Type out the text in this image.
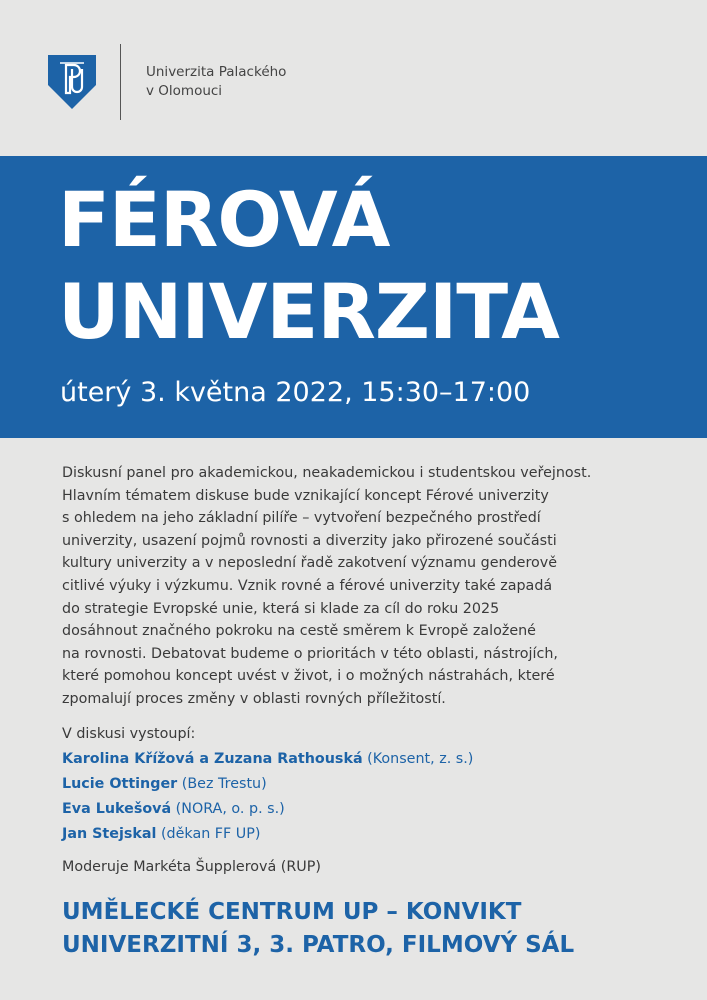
Univerzita Palackého
v Olomouci
FÉROVÁ
UNIVERZITA
úterý 3. května 2022, 15:30–17:00
Diskusní panel pro akademickou, neakademickou i studentskou veřejnost.
Hlavním tématem diskuse bude vznikající koncept Férové univerzity
s ohledem na jeho základní pilíře – vytvoření bezpečného prostředí
univerzity, usazení pojmů rovnosti a diverzity jako přirozené součásti
kultury univerzity a v neposlední řadě zakotvení významu genderově
citlivé výuky i výzkumu. Vznik rovné a férové univerzity také zapadá
do strategie Evropské unie, která si klade za cíl do roku 2025
dosáhnout značného pokroku na cestě směrem k Evropě založené
na rovnosti. Debatovat budeme o prioritách v této oblasti, nástrojích,
které pomohou koncept uvést v život, i o možných nástrahách, které
zpomalují proces změny v oblasti rovných příležitostí.
V diskusi vystoupí:
Karolina Křížová a Zuzana Rathouská (Konsent, z. s.)
Lucie Ottinger (Bez Trestu)
Eva Lukešová (NORA, o. p. s.)
Jan Stejskal (děkan FF UP)
Moderuje Markéta Šupplerová (RUP)
UMĚLECKÉ CENTRUM UP – KONVIKT
UNIVERZITNÍ 3, 3. PATRO, FILMOVÝ SÁL
